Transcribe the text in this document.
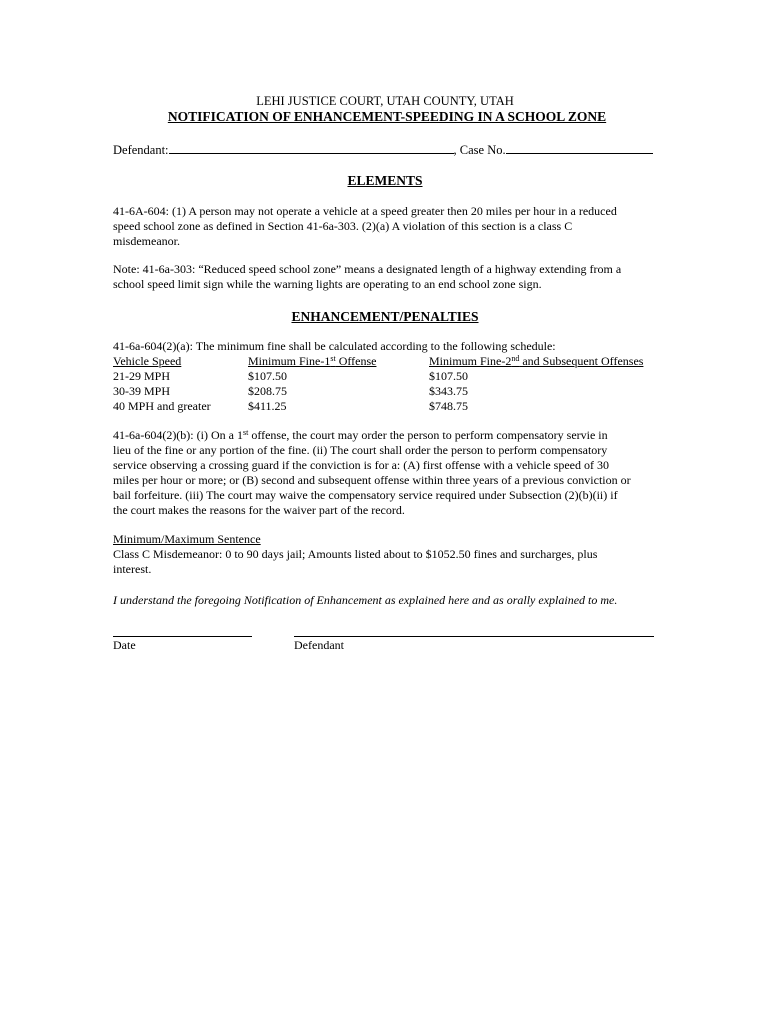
LEHI JUSTICE COURT, UTAH COUNTY, UTAH
NOTIFICATION OF ENHANCEMENT-SPEEDING IN A SCHOOL ZONE
Defendant:	, Case No.
ELEMENTS
41-6A-604: (1) A person may not operate a vehicle at a speed greater then 20 miles per hour in a reduced
speed school zone as defined in Section 41-6a-303. (2)(a) A violation of this section is a class C
misdemeanor.
Note: 41-6a-303: “Reduced speed school zone” means a designated length of a highway extending from a
school speed limit sign while the warning lights are operating to an end school zone sign.
ENHANCEMENT/PENALTIES
41-6a-604(2)(a): The minimum fine shall be calculated according to the following schedule:
Vehicle Speed	Minimum Fine-1st Offense	Minimum Fine-2nd and Subsequent Offenses
21-29 MPH	$107.50	$107.50
30-39 MPH	$208.75	$343.75
40 MPH and greater	$411.25	$748.75
41-6a-604(2)(b): (i) On a 1st offense, the court may order the person to perform compensatory servie in
lieu of the fine or any portion of the fine. (ii) The court shall order the person to perform compensatory
service observing a crossing guard if the conviction is for a: (A) first offense with a vehicle speed of 30
miles per hour or more; or (B) second and subsequent offense within three years of a previous conviction or
bail forfeiture. (iii) The court may waive the compensatory service required under Subsection (2)(b)(ii) if
the court makes the reasons for the waiver part of the record.
Minimum/Maximum Sentence
Class C Misdemeanor: 0 to 90 days jail; Amounts listed about to $1052.50 fines and surcharges, plus
interest.
I understand the foregoing Notification of Enhancement as explained here and as orally explained to me.
Date	Defendant
